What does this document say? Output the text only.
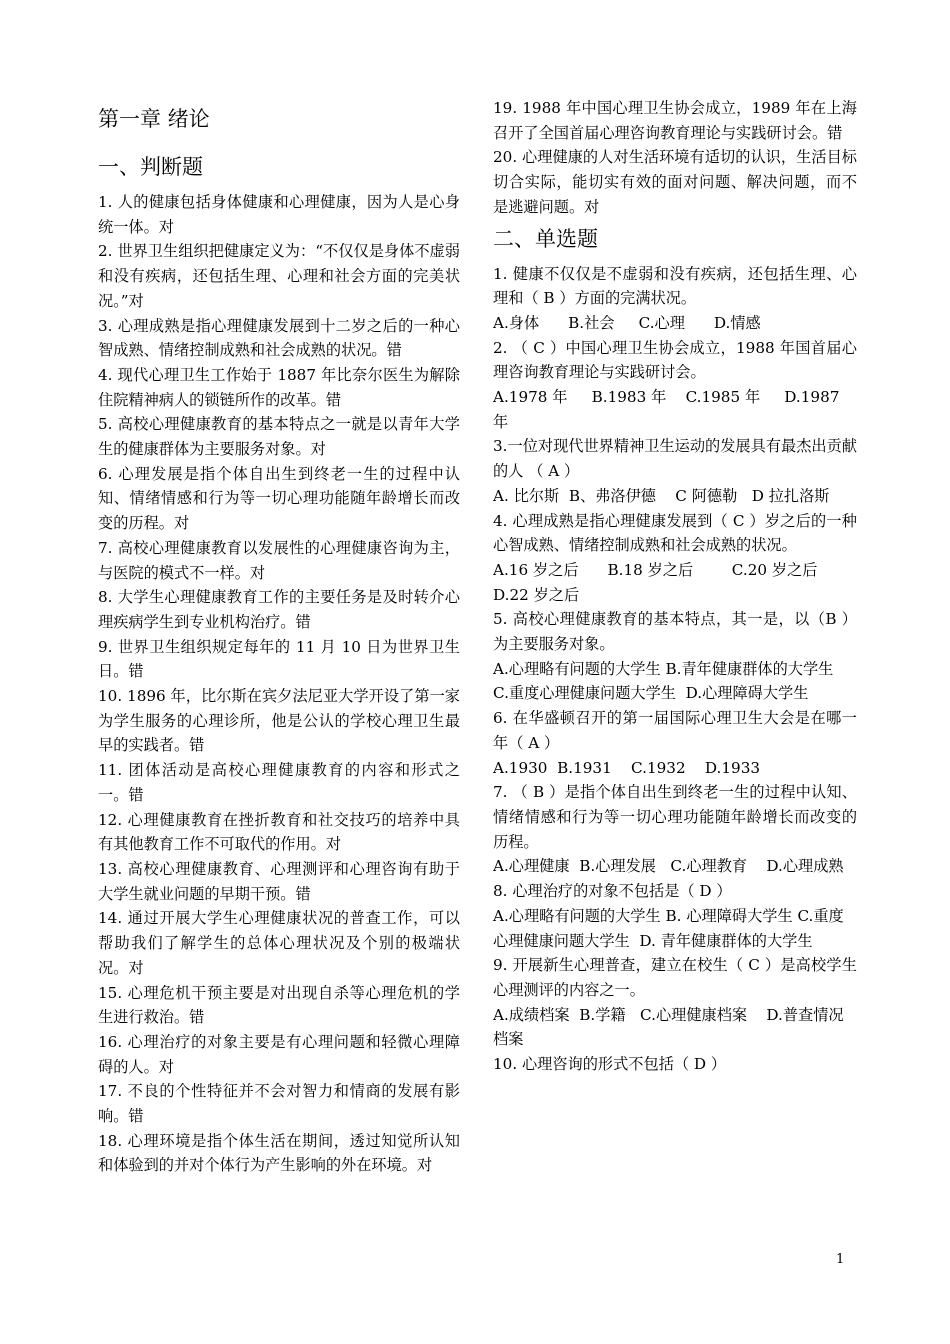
第一章 绪论
一、判断题

1. 人的健康包括身体健康和心理健康，因为人是心身统一体。对

2. 世界卫生组织把健康定义为：“不仅仅是身体不虚弱和没有疾病，还包括生理、心理和社会方面的完美状况。”对

3. 心理成熟是指心理健康发展到十二岁之后的一种心智成熟、情绪控制成熟和社会成熟的状况。错

4. 现代心理卫生工作始于 1887 年比奈尔医生为解除住院精神病人的锁链所作的改革。错

5. 高校心理健康教育的基本特点之一就是以青年大学生的健康群体为主要服务对象。对

6. 心理发展是指个体自出生到终老一生的过程中认知、情绪情感和行为等一切心理功能随年龄增长而改变的历程。对

7. 高校心理健康教育以发展性的心理健康咨询为主，与医院的模式不一样。对

8. 大学生心理健康教育工作的主要任务是及时转介心理疾病学生到专业机构治疗。错

9. 世界卫生组织规定每年的 11 月 10 日为世界卫生日。错

10. 1896 年，比尔斯在宾夕法尼亚大学开设了第一家为学生服务的心理诊所，他是公认的学校心理卫生最早的实践者。错

11. 团体活动是高校心理健康教育的内容和形式之一。错

12. 心理健康教育在挫折教育和社交技巧的培养中具有其他教育工作不可取代的作用。对

13. 高校心理健康教育、心理测评和心理咨询有助于大学生就业问题的早期干预。错

14. 通过开展大学生心理健康状况的普查工作，可以帮助我们了解学生的总体心理状况及个别的极端状况。对

15. 心理危机干预主要是对出现自杀等心理危机的学生进行救治。错

16. 心理治疗的对象主要是有心理问题和轻微心理障碍的人。对

17. 不良的个性特征并不会对智力和情商的发展有影响。错

18. 心理环境是指个体生活在期间，透过知觉所认知和体验到的并对个体行为产生影响的外在环境。对

19. 1988 年中国心理卫生协会成立，1989 年在上海召开了全国首届心理咨询教育理论与实践研讨会。错

20. 心理健康的人对生活环境有适切的认识，生活目标切合实际，能切实有效的面对问题、解决问题，而不是逃避问题。对

二、单选题

1. 健康不仅仅是不虚弱和没有疾病，还包括生理、心理和（ B ）方面的完满状况。

A.身体      B.社会     C.心理      D.情感

2. （ C ）中国心理卫生协会成立，1988 年国首届心理咨询教育理论与实践研讨会。

A.1978 年     B.1983 年    C.1985 年     D.1987 年

3.一位对现代世界精神卫生运动的发展具有最杰出贡献的人 （ A ）

A. 比尔斯  B、弗洛伊德    C 阿德勒   D 拉扎洛斯

4. 心理成熟是指心理健康发展到（ C ）岁之后的一种心智成熟、情绪控制成熟和社会成熟的状况。

A.16 岁之后      B.18 岁之后        C.20 岁之后 D.22 岁之后

5. 高校心理健康教育的基本特点，其一是，以（B ）为主要服务对象。

A.心理略有问题的大学生 B.青年健康群体的大学生  C.重度心理健康问题大学生  D.心理障碍大学生

6. 在华盛顿召开的第一届国际心理卫生大会是在哪一年（ A ）

A.1930  B.1931    C.1932    D.1933

7. （ B ）是指个体自出生到终老一生的过程中认知、情绪情感和行为等一切心理功能随年龄增长而改变的历程。

A.心理健康  B.心理发展   C.心理教育    D.心理成熟

8. 心理治疗的对象不包括是（ D ）

A.心理略有问题的大学生 B. 心理障碍大学生 C.重度心理健康问题大学生  D. 青年健康群体的大学生

9. 开展新生心理普查，建立在校生（ C ）是高校学生心理测评的内容之一。

A.成绩档案  B.学籍   C.心理健康档案    D.普查情况档案

10. 心理咨询的形式不包括（ D ）

1
